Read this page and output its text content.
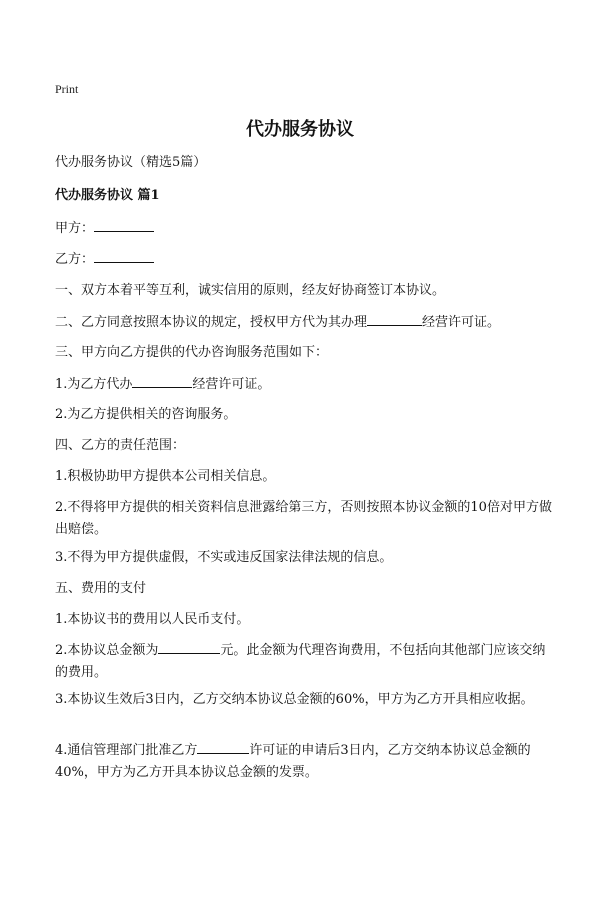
Print
代办服务协议
代办服务协议（精选5篇）
代办服务协议 篇1
甲方：
乙方：
一、双方本着平等互利，诚实信用的原则，经友好协商签订本协议。
二、乙方同意按照本协议的规定，授权甲方代为其办理	经营许可证。
三、甲方向乙方提供的代办咨询服务范围如下：
1.为乙方代办	经营许可证。
2.为乙方提供相关的咨询服务。
四、乙方的责任范围：
1.积极协助甲方提供本公司相关信息。
2.不得将甲方提供的相关资料信息泄露给第三方，否则按照本协议金额的10倍对甲方做出赔偿。
3.不得为甲方提供虚假，不实或违反国家法律法规的信息。
五、费用的支付
1.本协议书的费用以人民币支付。
2.本协议总金额为	元。此金额为代理咨询费用，不包括向其他部门应该交纳的费用。
3.本协议生效后3日内，乙方交纳本协议总金额的60%，甲方为乙方开具相应收据。
4.通信管理部门批准乙方	许可证的申请后3日内，乙方交纳本协议总金额的40%，甲方为乙方开具本协议总金额的发票。
